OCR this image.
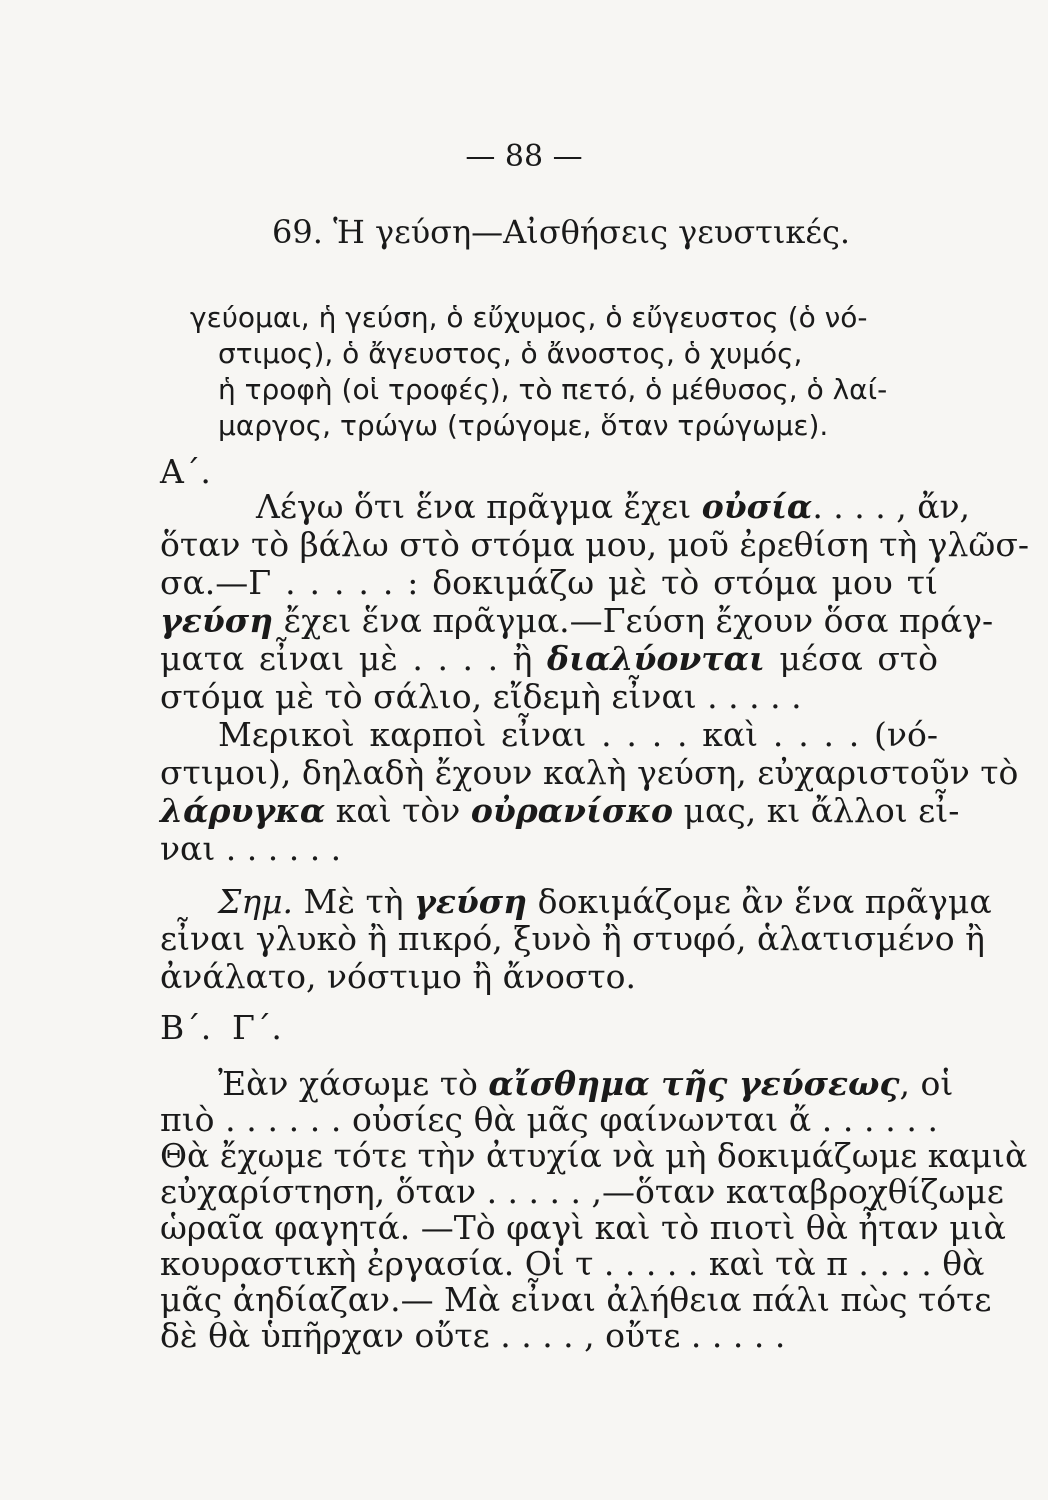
— 88 —
69. Ἡ γεύση—Αἰσθήσεις γευστικές.
γεύομαι, ἡ γεύση, ὁ εὔχυμος, ὁ εὔγευστος (ὁ νό-
στιμος), ὁ ἄγευστος, ὁ ἄνοστος, ὁ χυμός,
ἡ τροφὴ (οἱ τροφές), τὸ πετό, ὁ μέθυσος, ὁ λαί-
μαργος, τρώγω (τρώγομε, ὅταν τρώγωμε).
Α΄.
Λέγω ὅτι ἕνα πρᾶγμα ἔχει οὐσία. . . . , ἄν,
ὅταν τὸ βάλω στὸ στόμα μου, μοῦ ἐρεθίση τὴ γλῶσ-
σα.—Γ . . . . . : δοκιμάζω μὲ τὸ στόμα μου τί
γεύση ἔχει ἕνα πρᾶγμα.—Γεύση ἔχουν ὅσα πράγ-
ματα εἶναι μὲ . . . . ἢ διαλύονται μέσα στὸ
στόμα μὲ τὸ σάλιο, εἴδεμὴ εἶναι . . . . .
Μερικοὶ καρποὶ εἶναι . . . . καὶ . . . . (νό-
στιμοι), δηλαδὴ ἔχουν καλὴ γεύση, εὐχαριστοῦν τὸ
λάρυγκα καὶ τὸν οὐρανίσκο μας, κι ἄλλοι εἶ-
ναι . . . . . .
Σημ. Μὲ τὴ γεύση δοκιμάζομε ἂν ἕνα πρᾶγμα
εἶναι γλυκὸ ἢ πικρό, ξυνὸ ἢ στυφό, ἁλατισμένο ἢ
ἀνάλατο, νόστιμο ἢ ἄνοστο.
Β΄. Γ΄.
Ἐὰν χάσωμε τὸ αἴσθημα τῆς γεύσεως, οἱ
πιὸ . . . . . . οὐσίες θὰ μᾶς φαίνωνται ἄ . . . . . .
Θὰ ἔχωμε τότε τὴν ἀτυχία νὰ μὴ δοκιμάζωμε καμιὰ
εὐχαρίστηση, ὅταν . . . . . ,—ὅταν καταβροχθίζωμε
ὡραῖα φαγητά. —Τὸ φαγὶ καὶ τὸ πιοτὶ θὰ ἦταν μιὰ
κουραστικὴ ἐργασία. Οἱ τ . . . . . καὶ τὰ π . . . . θὰ
μᾶς ἀηδίαζαν.— Μὰ εἶναι ἀλήθεια πάλι πὼς τότε
δὲ θὰ ὑπῆρχαν οὔτε . . . . , οὔτε . . . . .
